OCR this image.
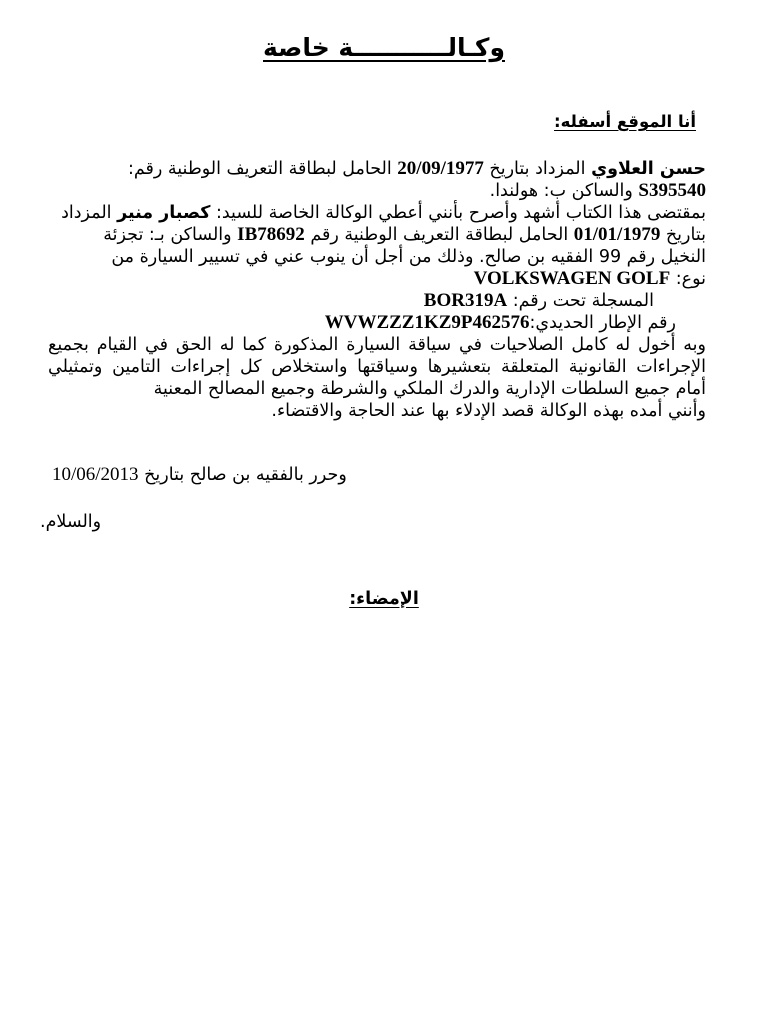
وكـالـــــــــــة خاصة
أنا الموقع أسفله:
حسن العلاوي المزداد بتاريخ 20/09/1977 الحامل لبطاقة التعريف الوطنية رقم:
S395540 والساكن ب: هولندا.
بمقتضى هذا الكتاب أشهد وأصرح بأنني أعطي الوكالة الخاصة للسيد: كصبار منير المزداد
بتاريخ 01/01/1979 الحامل لبطاقة التعريف الوطنية رقم IB78692 والساكن بـ: تجزئة
النخيل رقم 99 الفقيه بن صالح. وذلك من أجل أن ينوب عني في تسيير السيارة من
نوع: VOLKSWAGEN GOLF
المسجلة تحت رقم: BOR319A
رقم الإطار الحديدي:WVWZZZ1KZ9P462576
وبه أخول له كامل الصلاحيات في سياقة السيارة المذكورة كما له الحق في القيام بجميع
الإجراءات القانونية المتعلقة بتعشيرها وسياقتها واستخلاص كل إجراءات التامين وتمثيلي
أمام جميع السلطات الإدارية والدرك الملكي والشرطة وجميع المصالح المعنية
وأنني أمده بهذه الوكالة قصد الإدلاء بها عند الحاجة والاقتضاء.
وحرر بالفقيه بن صالح بتاريخ 10/06/2013
والسلام.
الإمضاء:
